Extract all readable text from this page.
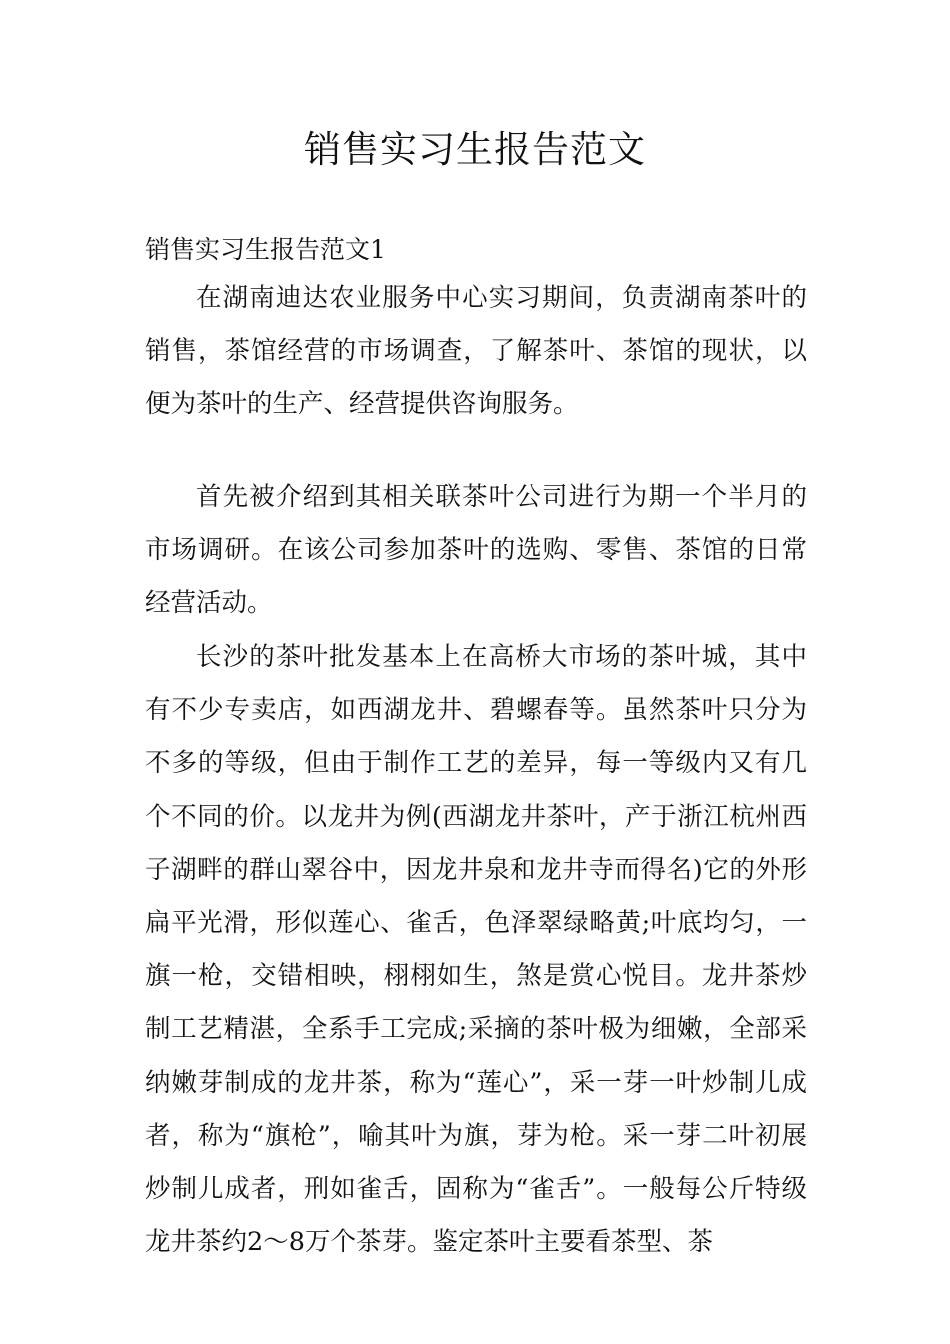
销售实习生报告范文
销售实习生报告范文1

在湖南迪达农业服务中心实习期间，负责湖南茶叶的销售，茶馆经营的市场调查，了解茶叶、茶馆的现状，以便为茶叶的生产、经营提供咨询服务。

首先被介绍到其相关联茶叶公司进行为期一个半月的市场调研。在该公司参加茶叶的选购、零售、茶馆的日常经营活动。

长沙的茶叶批发基本上在高桥大市场的茶叶城，其中有不少专卖店，如西湖龙井、碧螺春等。虽然茶叶只分为不多的等级，但由于制作工艺的差异，每一等级内又有几个不同的价。以龙井为例(西湖龙井茶叶，产于浙江杭州西子湖畔的群山翠谷中，因龙井泉和龙井寺而得名)它的外形扁平光滑，形似莲心、雀舌，色泽翠绿略黄;叶底均匀，一旗一枪，交错相映，栩栩如生，煞是赏心悦目。龙井茶炒制工艺精湛，全系手工完成;采摘的茶叶极为细嫩，全部采纳嫩芽制成的龙井茶，称为“莲心”，采一芽一叶炒制儿成者，称为“旗枪”，喻其叶为旗，芽为枪。采一芽二叶初展炒制儿成者，刑如雀舌，固称为“雀舌”。一般每公斤特级龙井茶约2～8万个茶芽。鉴定茶叶主要看茶型、茶
